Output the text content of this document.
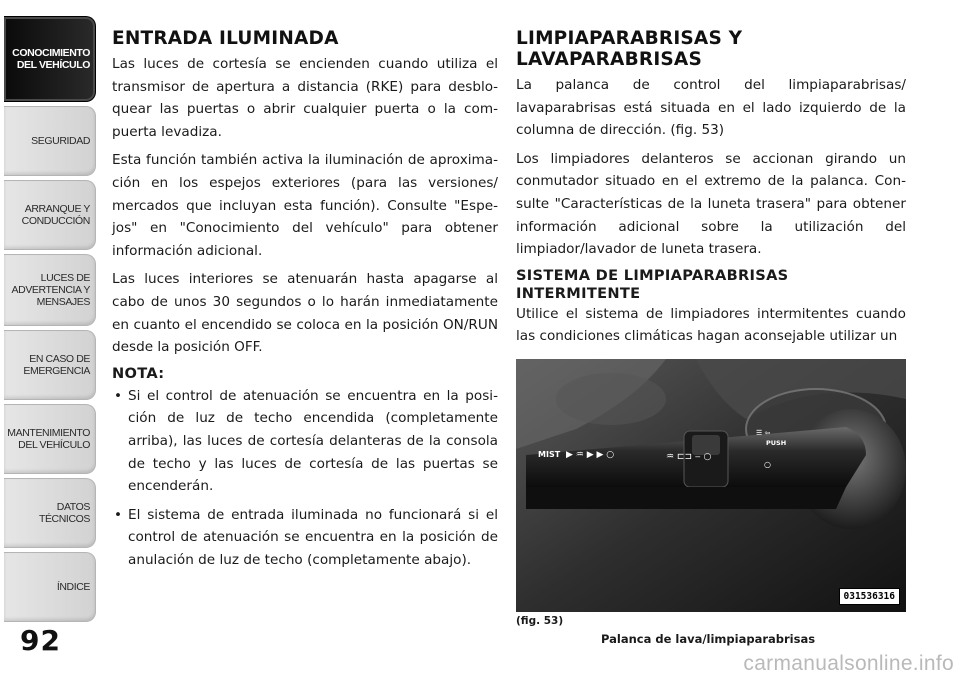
CONOCIMIENTO
DEL VEHÍCULO
SEGURIDAD
ARRANQUE Y
CONDUCCIÓN
LUCES DE
ADVERTENCIA Y
MENSAJES
EN CASO DE
EMERGENCIA
MANTENIMIENTO
DEL VEHÍCULO
DATOS
TÉCNICOS
ÍNDICE
92
ENTRADA ILUMINADA

Las luces de cortesía se encienden cuando utiliza el transmisor de apertura a distancia (RKE) para desbloquear las puertas o abrir cualquier puerta o la compuerta levadiza.

Esta función también activa la iluminación de aproximación en los espejos exteriores (para las versiones/ mercados que incluyan esta función). Consulte "Espejos" en "Conocimiento del vehículo" para obtener información adicional.

Las luces interiores se atenuarán hasta apagarse al cabo de unos 30 segundos o lo harán inmediatamente en cuanto el encendido se coloca en la posición ON/RUN desde la posición OFF.

NOTA:
• Si el control de atenuación se encuentra en la posición de luz de techo encendida (completamente arriba), las luces de cortesía delanteras de la consola de techo y las luces de cortesía de las puertas se encenderán.
• El sistema de entrada iluminada no funcionará si el control de atenuación se encuentra en la posición de anulación de luz de techo (completamente abajo).
LIMPIAPARABRISAS Y
LAVAPARABRISAS

La palanca de control del limpiaparabrisas/ lavaparabrisas está situada en el lado izquierdo de la columna de dirección. (fig. 53)

Los limpiadores delanteros se accionan girando un conmutador situado en el extremo de la palanca. Consulte "Características de la luneta trasera" para obtener información adicional sobre la utilización del limpiador/lavador de luneta trasera.

SISTEMA DE LIMPIAPARABRISAS
INTERMITENTE

Utilice el sistema de limpiadores intermitentes cuando las condiciones climáticas hagan aconsejable utilizar un

MIST ▶ ♒ ▶ ▶ ○	♒ ⊏⊐ ‒ ○
☰ ⇦
PUSH
○
031536316
(fig. 53)
Palanca de lava/limpiaparabrisas
carmanualsonline.info
